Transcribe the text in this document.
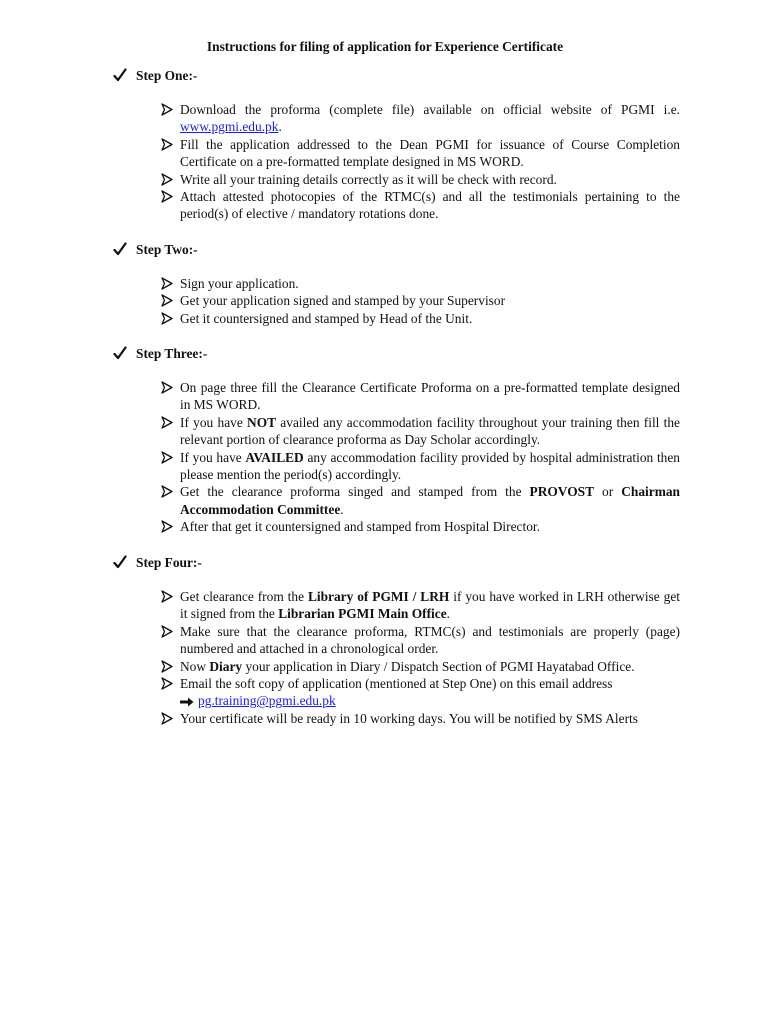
Instructions for filing of application for Experience Certificate
Step One:-
Download the proforma (complete file) available on official website of PGMI i.e. www.pgmi.edu.pk.
Fill the application addressed to the Dean PGMI for issuance of Course Completion Certificate on a pre-formatted template designed in MS WORD.
Write all your training details correctly as it will be check with record.
Attach attested photocopies of the RTMC(s) and all the testimonials pertaining to the period(s) of elective / mandatory rotations done.
Step Two:-
Sign your application.
Get your application signed and stamped by your Supervisor
Get it countersigned and stamped by Head of the Unit.
Step Three:-
On page three fill the Clearance Certificate Proforma on a pre-formatted template designed in MS WORD.
If you have NOT availed any accommodation facility throughout your training then fill the relevant portion of clearance proforma as Day Scholar accordingly.
If you have AVAILED any accommodation facility provided by hospital administration then please mention the period(s) accordingly.
Get the clearance proforma singed and stamped from the PROVOST or Chairman Accommodation Committee.
After that get it countersigned and stamped from Hospital Director.
Step Four:-
Get clearance from the Library of PGMI / LRH if you have worked in LRH otherwise get it signed from the Librarian PGMI Main Office.
Make sure that the clearance proforma, RTMC(s) and testimonials are properly (page) numbered and attached in a chronological order.
Now Diary your application in Diary / Dispatch Section of PGMI Hayatabad Office.
Email the soft copy of application (mentioned at Step One) on this email address
pg.training@pgmi.edu.pk
Your certificate will be ready in 10 working days. You will be notified by SMS Alerts
